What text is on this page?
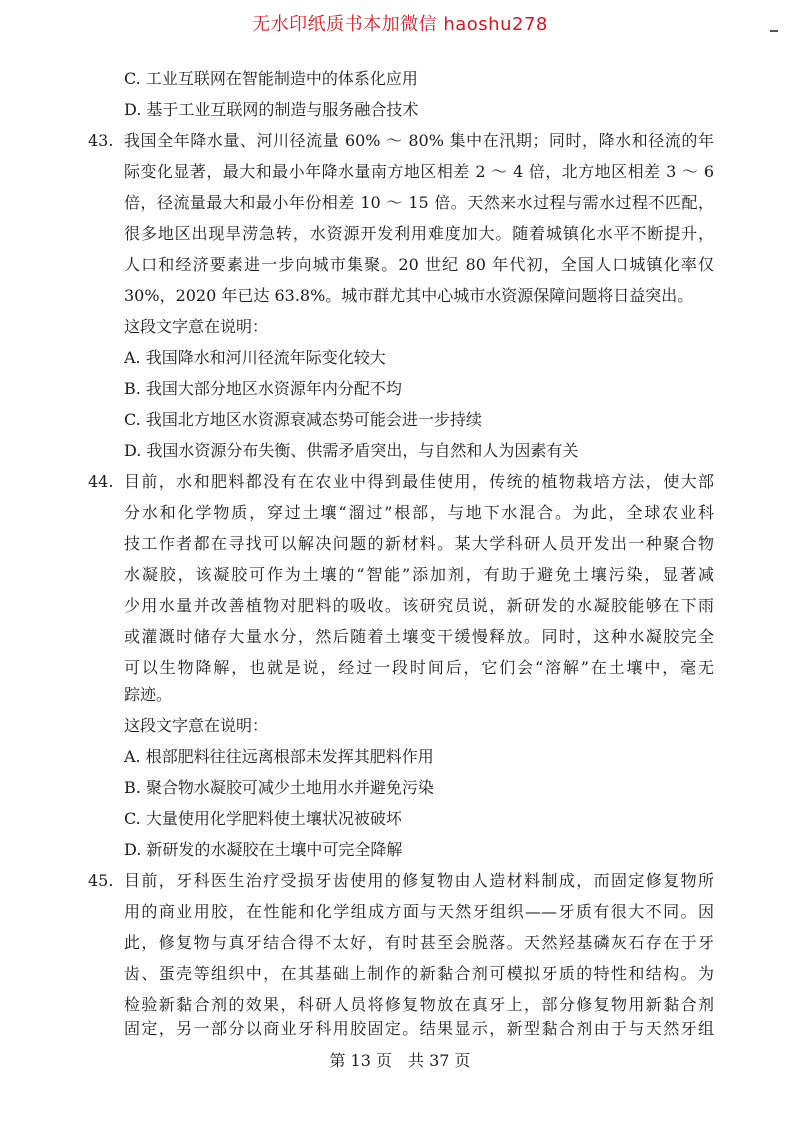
无水印纸质书本加微信 haoshu278
C. 工业互联网在智能制造中的体系化应用
D. 基于工业互联网的制造与服务融合技术
43. 我国全年降水量、河川径流量 60% ～ 80% 集中在汛期；同时，降水和径流的年
际变化显著，最大和最小年降水量南方地区相差 2 ～ 4 倍，北方地区相差 3 ～ 6
倍，径流量最大和最小年份相差 10 ～ 15 倍。天然来水过程与需水过程不匹配，
很多地区出现旱涝急转，水资源开发利用难度加大。随着城镇化水平不断提升，
人口和经济要素进一步向城市集聚。20 世纪 80 年代初，全国人口城镇化率仅
30%，2020 年已达 63.8%。城市群尤其中心城市水资源保障问题将日益突出。
这段文字意在说明：
A. 我国降水和河川径流年际变化较大
B. 我国大部分地区水资源年内分配不均
C. 我国北方地区水资源衰减态势可能会进一步持续
D. 我国水资源分布失衡、供需矛盾突出，与自然和人为因素有关
44. 目前，水和肥料都没有在农业中得到最佳使用，传统的植物栽培方法，使大部
分水和化学物质，穿过土壤“溜过”根部，与地下水混合。为此，全球农业科
技工作者都在寻找可以解决问题的新材料。某大学科研人员开发出一种聚合物
水凝胶，该凝胶可作为土壤的“智能”添加剂，有助于避免土壤污染，显著减
少用水量并改善植物对肥料的吸收。该研究员说，新研发的水凝胶能够在下雨
或灌溉时储存大量水分，然后随着土壤变干缓慢释放。同时，这种水凝胶完全
可以生物降解，也就是说，经过一段时间后，它们会“溶解”在土壤中，毫无
踪迹。
这段文字意在说明：
A. 根部肥料往往远离根部未发挥其肥料作用
B. 聚合物水凝胶可减少土地用水并避免污染
C. 大量使用化学肥料使土壤状况被破坏
D. 新研发的水凝胶在土壤中可完全降解
45. 目前，牙科医生治疗受损牙齿使用的修复物由人造材料制成，而固定修复物所
用的商业用胶，在性能和化学组成方面与天然牙组织——牙质有很大不同。因
此，修复物与真牙结合得不太好，有时甚至会脱落。天然羟基磷灰石存在于牙
齿、蛋壳等组织中，在其基础上制作的新黏合剂可模拟牙质的特性和结构。为
检验新黏合剂的效果，科研人员将修复物放在真牙上，部分修复物用新黏合剂
固定，另一部分以商业牙科用胶固定。结果显示，新型黏合剂由于与天然牙组
第 13 页　共 37 页
